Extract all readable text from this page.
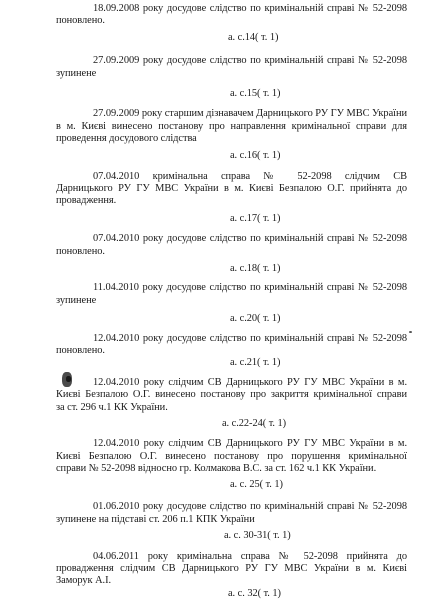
18.09.2008 року досудове слідство по кримінальній справі № 52-2098
поновлено.
а. с.14( т. 1)
27.09.2009 року досудове слідство по кримінальній справі № 52-2098
зупинене
а. с.15( т. 1)
27.09.2009 року старшим дізнавачем Дарницького РУ ГУ МВС України
в м. Києві винесено постанову про направлення кримінальної справи для
проведення досудового слідства
а. с.16( т. 1)
07.04.2010 кримінальна справа № 52-2098 слідчим СВ
Дарницького РУ ГУ МВС України в м. Києві Безпалою О.Г. прийнята до
провадження.
а. с.17( т. 1)
07.04.2010 року досудове слідство по кримінальній справі № 52-2098
поновлено.
а. с.18( т. 1)
11.04.2010 року досудове слідство по кримінальній справі № 52-2098
зупинене
а. с.20( т. 1)
12.04.2010 року досудове слідство по кримінальній справі № 52-2098
поновлено.
а. с.21( т. 1)
12.04.2010 року слідчим СВ Дарницького РУ ГУ МВС України в м.
Києві Безпалою О.Г. винесено постанову про закриття кримінальної справи
за ст. 296 ч.1 КК України.
а. с.22-24( т. 1)
12.04.2010 року слідчим СВ Дарницького РУ ГУ МВС України в м.
Києві Безпалою О.Г. винесено постанову про порушення кримінальної
справи № 52-2098 відносно гр. Колмакова В.С. за ст. 162 ч.1 КК України.
а. с. 25( т. 1)
01.06.2010 року досудове слідство по кримінальній справі № 52-2098
зупинене на підставі ст. 206 п.1 КПК України
а. с. 30-31( т. 1)
04.06.2011 року кримінальна справа № 52-2098 прийнята до
провадження слідчим СВ Дарницького РУ ГУ МВС України в м. Києві
Заморук А.І.
а. с. 32( т. 1)
